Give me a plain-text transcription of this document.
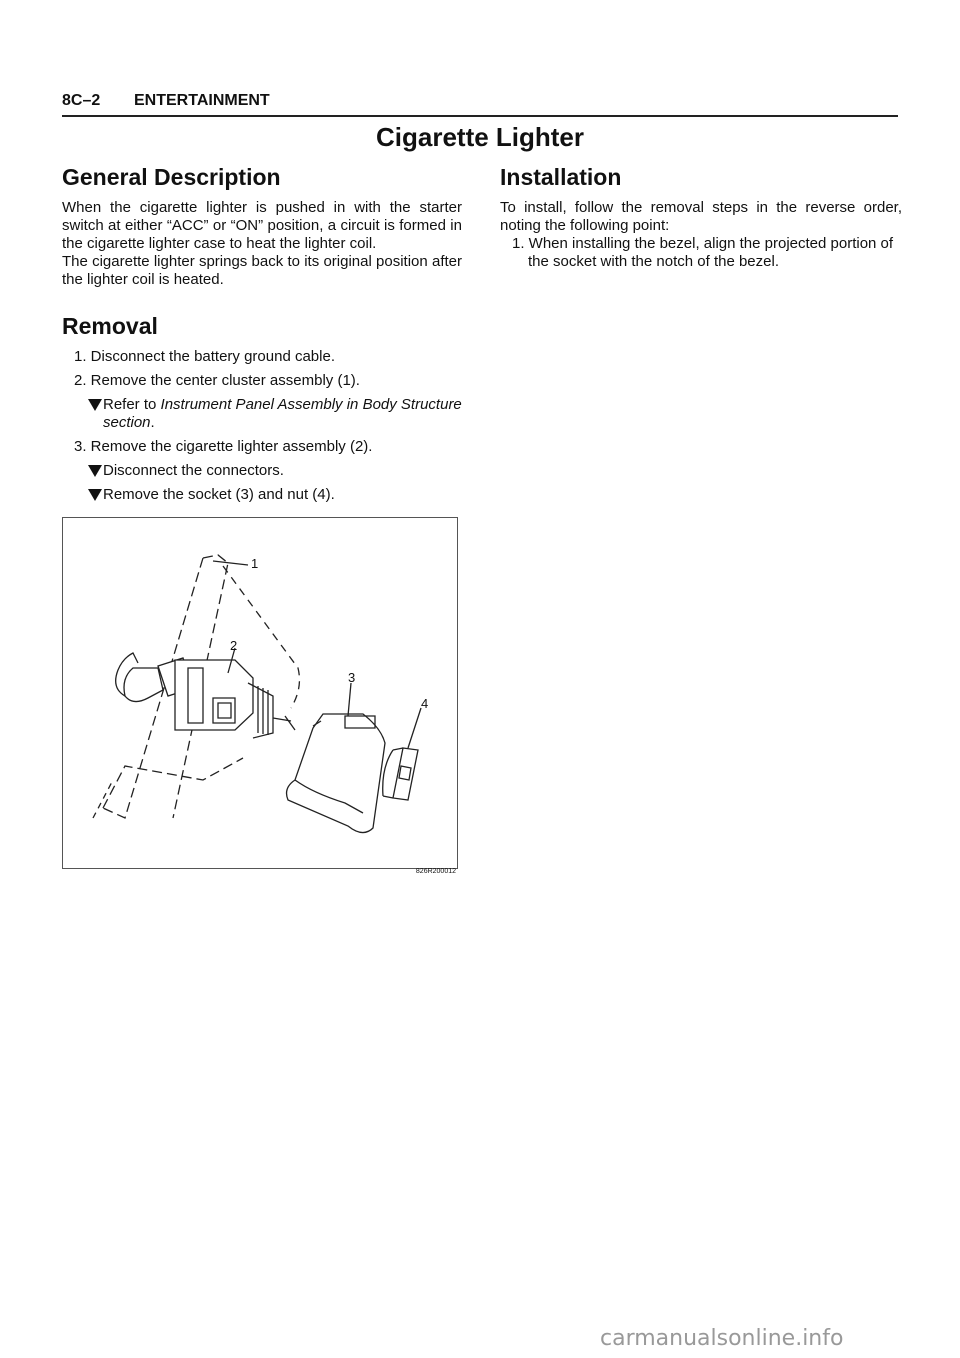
8C–2 ENTERTAINMENT
Cigarette Lighter
General Description

When the cigarette lighter is pushed in with the starter switch at either “ACC” or “ON” position, a circuit is formed in the cigarette lighter case to heat the lighter coil.

The cigarette lighter springs back to its original position after the lighter coil is heated.

Removal
1. Disconnect the battery ground cable.
2. Remove the center cluster assembly (1).
Refer to Instrument Panel Assembly in Body Structure section.
3. Remove the cigarette lighter assembly (2).
Disconnect the connectors.
Remove the socket (3) and nut (4).
1
2
3
4
826R200012
Installation

To install, follow the removal steps in the reverse order, noting the following point:

1. When installing the bezel, align the projected portion of the socket with the notch of the bezel.
carmanualsonline.info
